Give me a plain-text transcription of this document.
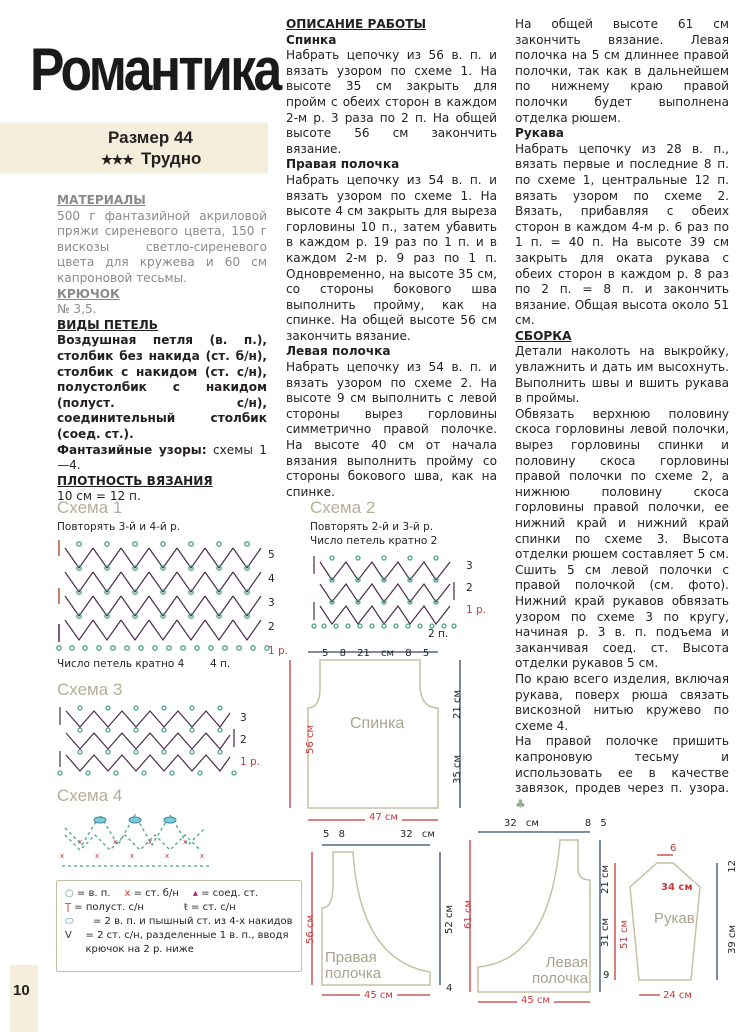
Романтика
Размер 44
★★★ Трудно

МАТЕРИАЛЫ

500 г фантазийной акриловой пряжи сиреневого цвета, 150 г вискозы светло-сиреневого цвета для кружева и 60 см капроновой тесьмы.

КРЮЧОК

№ 3,5.

ВИДЫ ПЕТЕЛЬ

Воздушная петля (в. п.), столбик без накида (ст. б/н), столбик с накидом (ст. с/н), полустолбик с накидом (полуст. с/н), соединительный столбик (соед. ст.).

Фантазийные узоры: схемы 1—4.

ПЛОТНОСТЬ ВЯЗАНИЯ

10 см = 12 п.

ОПИСАНИЕ РАБОТЫ

Спинка

Набрать цепочку из 56 в. п. и вязать узором по схеме 1. На высоте 35 см закрыть для пройм с обеих сторон в каждом 2-м р. 3 раза по 2 п. На общей высоте 56 см закончить вязание.

Правая полочка

Набрать цепочку из 54 в. п. и вязать узором по схеме 1. На высоте 4 см закрыть для выреза горловины 10 п., затем убавить в каждом р. 19 раз по 1 п. и в каждом 2-м р. 9 раз по 1 п. Одновременно, на высоте 35 см, со стороны бокового шва выполнить пройму, как на спинке. На общей высоте 56 см закончить вязание.

Левая полочка

Набрать цепочку из 54 в. п. и вязать узором по схеме 2. На высоте 9 см выполнить с левой стороны вырез горловины симметрично правой полочке. На высоте 40 см от начала вязания выполнить пройму со стороны бокового шва, как на спинке.

На общей высоте 61 см закончить вязание. Левая полочка на 5 см длиннее правой полочки, так как в дальнейшем по нижнему краю правой полочки будет выполнена отделка рюшем.

Рукава

Набрать цепочку из 28 в. п., вязать первые и последние 8 п. по схеме 1, центральные 12 п. вязать узором по схеме 2. Вязать, прибавляя с обеих сторон в каждом 4-м р. 6 раз по 1 п. = 40 п. На высоте 39 см закрыть для оката рукава с обеих сторон в каждом р. 8 раз по 2 п. = 8 п. и закончить вязание. Общая высота около 51 см.

СБОРКА

Детали наколоть на выкройку, увлажнить и дать им высохнуть. Выполнить швы и вшить рукава в проймы.

Обвязать верхнюю половину скоса горловины левой полочки, вырез горловины спинки и половину скоса горловины правой полочки по схеме 2, а нижнюю половину скоса горловины правой полочки, ее нижний край и нижний край спинки по схеме 3. Высота отделки рюшем составляет 5 см. Сшить 5 см левой полочки с правой полочкой (см. фото). Нижний край рукавов обвязать узором по схеме 3 по кругу, начиная р. 3 в. п. подъема и заканчивая соед. ст. Высота отделки рукавов 5 см.

По краю всего изделия, включая рукава, поверх рюша связать вискозной нитью кружево по схеме 4.

На правой полочке пришить капроновую тесьму и использовать ее в качестве завязок, продев через п. узора. ♣

Схема 1
Повторять 3-й и 4-й р.
5
4
3
2
1 р.
Число петель кратно 4 4 п.
Схема 2
Повторять 2-й и 3-й р.
Число петель кратно 2
3
2
1 р.
2 п.
Схема 3
3
2
1 р.
Схема 4
x	x	x	x
x	x	x	x	x
○ = в. п. x = ст. б/н ▴ = соед. ст.
Ţ = полуст. с/н	ŧ = ст. с/н
⬭	= 2 в. п. и пышный ст. из 4-х накидов
V	= 2 ст. с/н, разделенные 1 в. п., вводя крючок на 2 р. ниже
10
5 8 21 см 8 5
Спинка
56 см
21 см
35 см
47 см
5 8	32 см
Правая
полочка
56 см	52 см
4
45 см
32 см	8 5
Левая
полочка
61 см
21 см
31 см
9
45 см
6
34 см
Рукав
51 см
12
39 см
24 см
